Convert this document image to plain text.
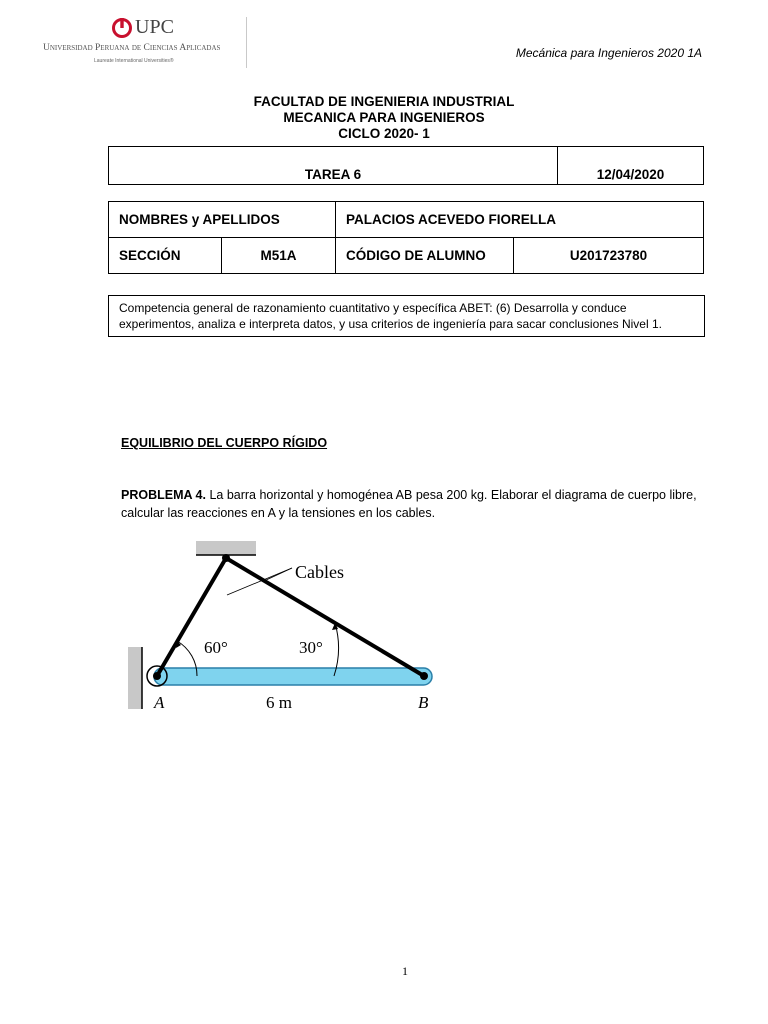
UPC
Universidad Peruana de Ciencias Aplicadas
Laureate International Universities®
Mecánica para Ingenieros 2020 1A
FACULTAD DE INGENIERIA INDUSTRIAL
MECANICA PARA INGENIEROS
CICLO 2020- 1
TAREA 6	12/04/2020
NOMBRES y APELLIDOS		PALACIOS ACEVEDO FIORELLA	
SECCIÓN	M51A	CÓDIGO DE ALUMNO	U201723780
Competencia general de razonamiento cuantitativo y específica ABET: (6) Desarrolla y conduce experimentos, analiza e interpreta datos, y usa criterios de ingeniería para sacar conclusiones Nivel 1.
EQUILIBRIO DEL CUERPO RÍGIDO
PROBLEMA 4. La barra horizontal y homogénea AB pesa 200 kg. Elaborar el diagrama de cuerpo libre, calcular las reacciones en A y la tensiones en los cables.
Cables
60°	30°
6 m
A	B
1
